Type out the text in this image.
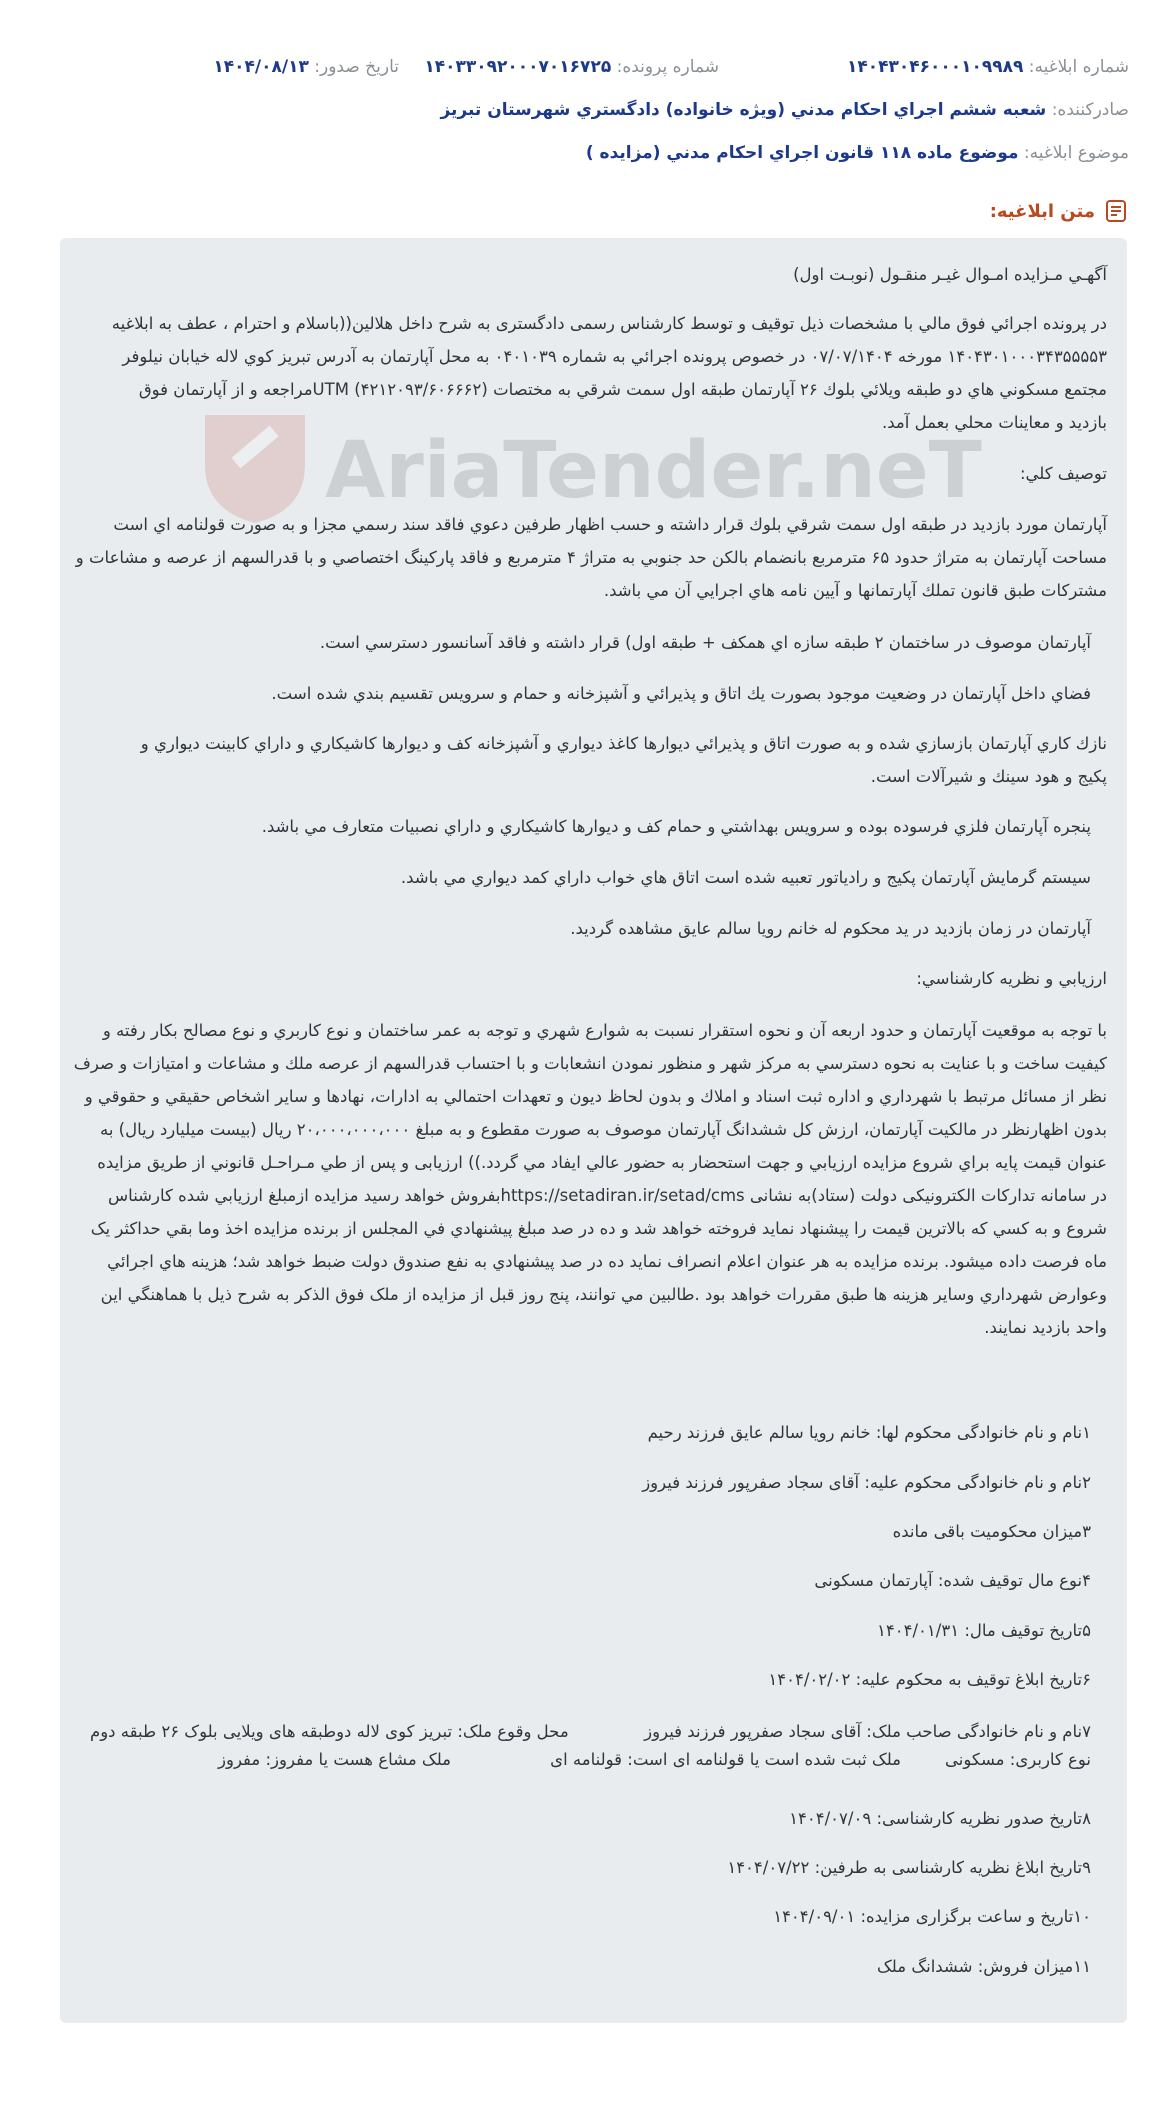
شماره ابلاغيه: ۱۴۰۴۳۰۴۶۰۰۰۱۰۹۹۸۹
شماره پرونده: ۱۴۰۳۳۰۹۲۰۰۰۷۰۱۶۷۲۵
تاريخ صدور: ۱۴۰۴/۰۸/۱۳
صادرکننده: شعبه ششم اجراي احکام مدني (ويژه خانواده) دادگستري شهرستان تبريز
موضوع ابلاغيه: موضوع ماده ۱۱۸ قانون اجراي احکام مدني (مزايده )
متن ابلاغيه:
آگهـي مـزايده امـوال غيـر منقـول (نوبـت اول)
در پرونده اجرائي فوق مالي با مشخصات ذيل توقيف و توسط کارشناس رسمی دادگستری به شرح داخل هلالین((باسلام و احترام ، عطف به ابلاغيه
۱۴۰۴۳۰۱۰۰۰۳۴۳۵۵۵۵۳ مورخه ۰۷/۰۷/۱۴۰۴ در خصوص پرونده اجرائي به شماره ۰۴۰۱۰۳۹ به محل آپارتمان به آدرس تبريز كوي لاله خيابان نيلوفر
مجتمع مسكوني هاي دو طبقه ويلائي بلوك ۲۶ آپارتمان طبقه اول سمت شرقي به مختصات (۴۲۱۲۰۹۳/۶۰۶۶۶۲) UTMمراجعه و از آپارتمان فوق
بازديد و معاينات محلي بعمل آمد.
توصيف كلي:
آپارتمان مورد بازديد در طبقه اول سمت شرقي بلوك قرار داشته و حسب اظهار طرفين دعوي فاقد سند رسمي مجزا و به صورت قولنامه اي است
مساحت آپارتمان به متراژ حدود ۶۵ مترمربع بانضمام بالكن حد جنوبي به متراژ ۴ مترمربع و فاقد پاركينگ اختصاصي و با قدرالسهم از عرصه و مشاعات و
مشتركات طبق قانون تملك آپارتمانها و آيين نامه هاي اجرايي آن مي باشد.
آپارتمان موصوف در ساختمان ۲ طبقه سازه اي همكف + طبقه اول) قرار داشته و فاقد آسانسور دسترسي است.
فضاي داخل آپارتمان در وضعيت موجود بصورت يك اتاق و پذيرائي و آشپزخانه و حمام و سرويس تقسيم بندي شده است.
نازك كاري آپارتمان بازسازي شده و به صورت اتاق و پذيرائي ديوارها كاغذ ديواري و آشپزخانه كف و ديوارها كاشيكاري و داراي كابينت ديواري و
پكيج و هود سينك و شيرآلات است.
پنجره آپارتمان فلزي فرسوده بوده و سرويس بهداشتي و حمام كف و ديوارها كاشيكاري و داراي نصبيات متعارف مي باشد.
سيستم گرمايش آپارتمان پكيج و رادياتور تعبيه شده است اتاق هاي خواب داراي كمد ديواري مي باشد.
آپارتمان در زمان بازديد در يد محكوم له خانم رويا سالم عايق مشاهده گرديد.
ارزيابي و نظريه كارشناسي:
با توجه به موقعيت آپارتمان و حدود اربعه آن و نحوه استقرار نسبت به شوارع شهري و توجه به عمر ساختمان و نوع كاربري و نوع مصالح بكار رفته و
كيفيت ساخت و با عنايت به نحوه دسترسي به مركز شهر و منظور نمودن انشعابات و با احتساب قدرالسهم از عرصه ملك و مشاعات و امتيازات و صرف
نظر از مسائل مرتبط با شهرداري و اداره ثبت اسناد و املاك و بدون لحاظ ديون و تعهدات احتمالي به ادارات، نهادها و ساير اشخاص حقيقي و حقوقي و
بدون اظهارنظر در مالكيت آپارتمان، ارزش كل ششدانگ آپارتمان موصوف به صورت مقطوع و به مبلغ ۲۰،۰۰۰،۰۰۰،۰۰۰ ريال (بيست ميليارد ريال) به
عنوان قيمت پايه براي شروع مزايده ارزيابي و جهت استحضار به حضور عالي ايفاد مي گردد.)) ارزیابی و پس از طي مـراحـل قانوني از طريق مزايده
در سامانه تدارکات الکترونیکی دولت (ستاد)به نشانی https://setadiran.ir/setad/cmsبفروش خواهد رسيد مزايده ازمبلغ ارزيابي شده کارشناس
شروع و به کسي که بالاترين قيمت را پيشنهاد نمايد فروخته خواهد شد و ده در صد مبلغ پيشنهادي في المجلس از برنده مزايده اخذ وما بقي حداکثر يک
ماه فرصت داده ميشود. برنده مزايده به هر عنوان اعلام انصراف نمايد ده در صد پيشنهادي به نفع صندوق دولت ضبط خواهد شد؛ هزينه هاي اجرائي
وعوارض شهرداري وساير هزينه ها طبق مقررات خواهد بود .طالبين مي توانند، پنج روز قبل از مزايده از ملک فوق الذکر به شرح ذيل با هماهنگي اين
واحد بازديد نمايند.
۱نام و نام خانوادگی محکوم لها: خانم رويا سالم عايق فرزند رحيم
۲نام و نام خانوادگی محکوم علیه: آقای سجاد صفرپور فرزند فيروز
۳میزان محکومیت باقی مانده
۴نوع مال توقیف شده: آپارتمان مسکونی
۵تاریخ توقیف مال: ۱۴۰۴/۰۱/۳۱
۶تاریخ ابلاغ توقیف به محکوم علیه: ۱۴۰۴/۰۲/۰۲
۷نام و نام خانوادگی صاحب ملک: آقای سجاد صفرپور فرزند فيروز
محل وقوع ملک: تبريز كوی لاله دوطبقه های ويلايی بلوک ۲۶ طبقه دوم
نوع کاربری: مسکونی
ملک ثبت شده است یا قولنامه ای است: قولنامه ای
ملک مشاع هست یا مفروز: مفروز
۸تاریخ صدور نظریه کارشناسی: ۱۴۰۴/۰۷/۰۹
۹تاریخ ابلاغ نظریه کارشناسی به طرفین: ۱۴۰۴/۰۷/۲۲
۱۰تاریخ و ساعت برگزاری مزایده: ۱۴۰۴/۰۹/۰۱
۱۱میزان فروش: ششدانگ ملک
